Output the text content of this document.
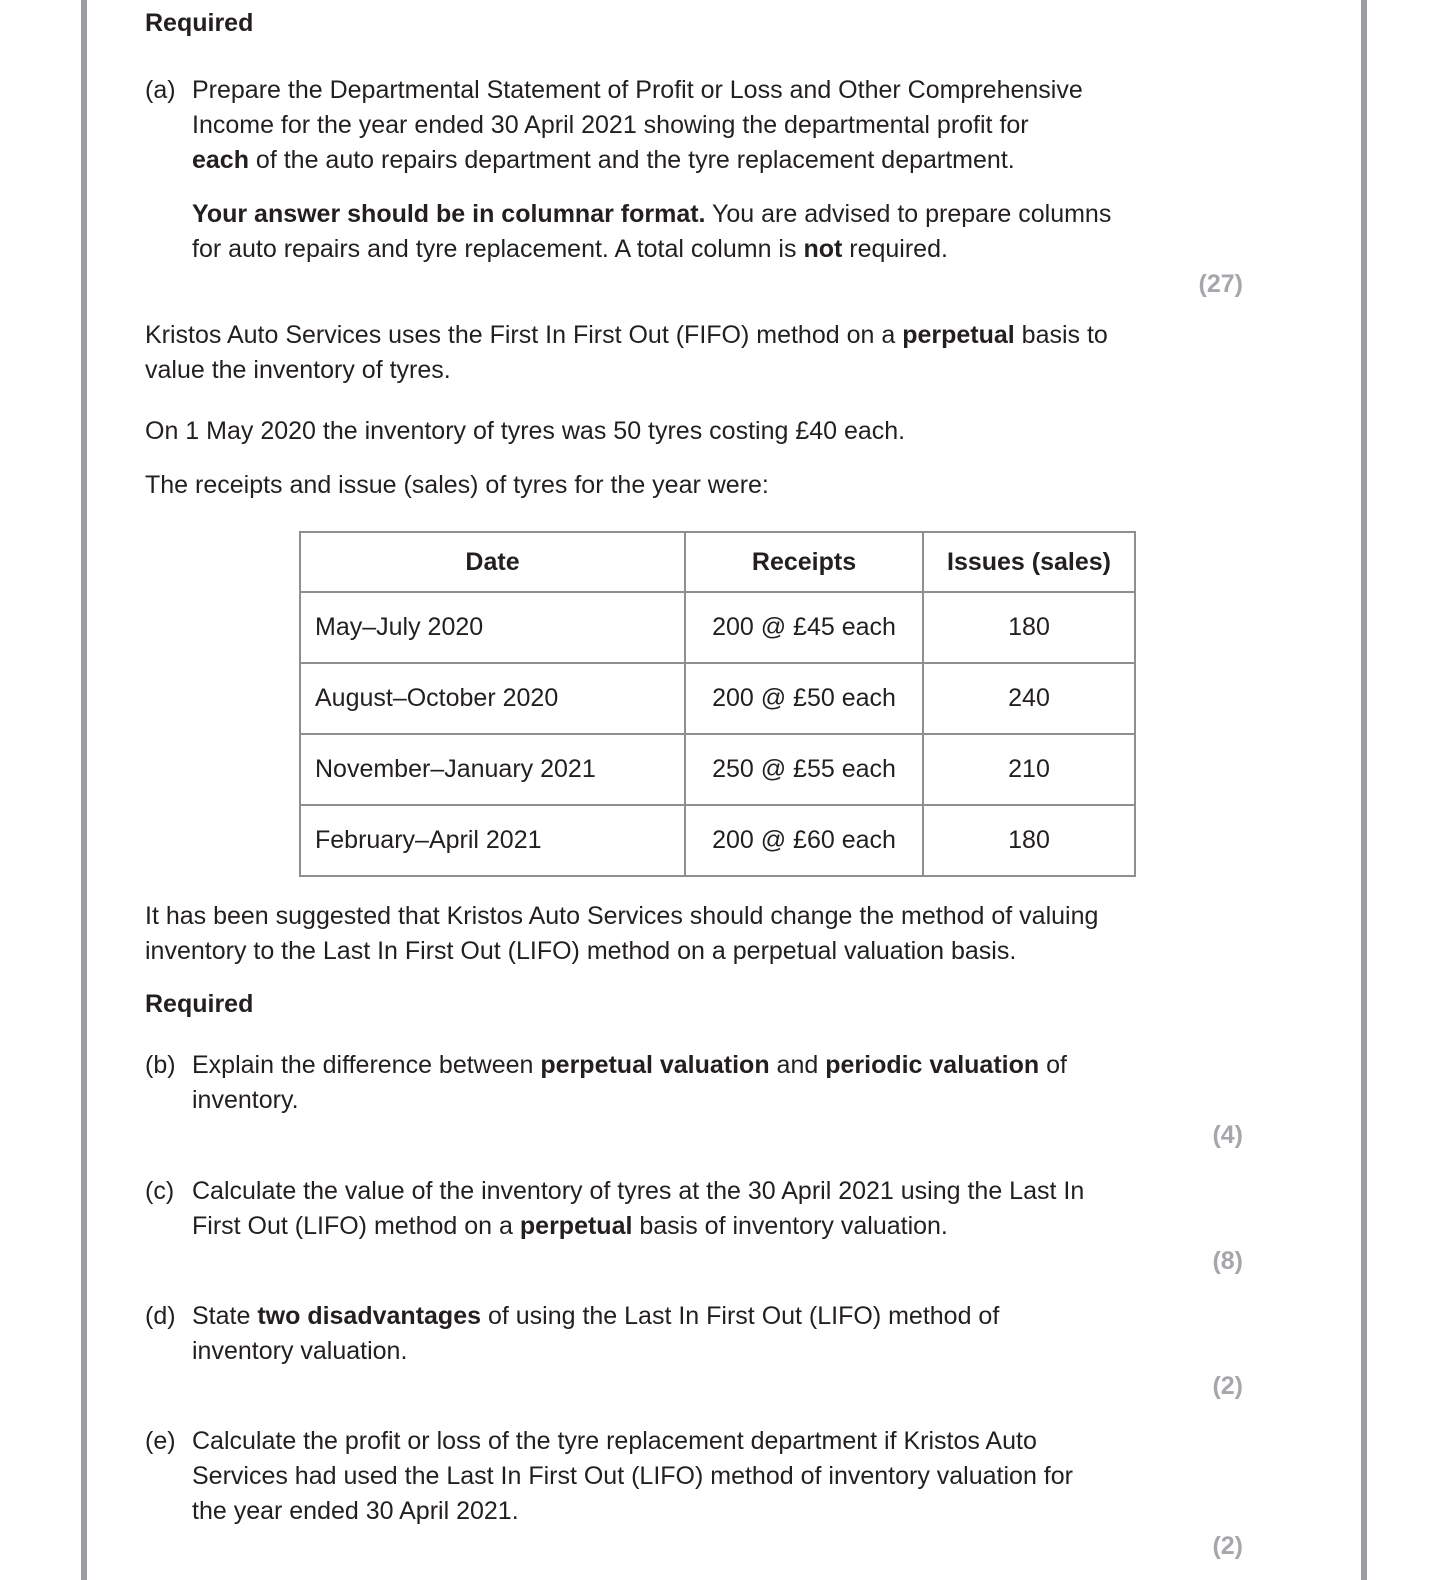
Required
(a) Prepare the Departmental Statement of Profit or Loss and Other Comprehensive
Income for the year ended 30 April 2021 showing the departmental profit for
each of the auto repairs department and the tyre replacement department.

Your answer should be in columnar format. You are advised to prepare columns
for auto repairs and tyre replacement. A total column is not required.

(27)

Kristos Auto Services uses the First In First Out (FIFO) method on a perpetual basis to
value the inventory of tyres.

On 1 May 2020 the inventory of tyres was 50 tyres costing £40 each.

The receipts and issue (sales) of tyres for the year were:

Date	Receipts	Issues (sales)
May–July 2020	200 @ £45 each	180
August–October 2020	200 @ £50 each	240
November–January 2021	250 @ £55 each	210
February–April 2021	200 @ £60 each	180

It has been suggested that Kristos Auto Services should change the method of valuing
inventory to the Last In First Out (LIFO) method on a perpetual valuation basis.

Required
(b) Explain the difference between perpetual valuation and periodic valuation of
inventory.

(4)
(c) Calculate the value of the inventory of tyres at the 30 April 2021 using the Last In
First Out (LIFO) method on a perpetual basis of inventory valuation.

(8)
(d) State two disadvantages of using the Last In First Out (LIFO) method of
inventory valuation.

(2)
(e) Calculate the profit or loss of the tyre replacement department if Kristos Auto
Services had used the Last In First Out (LIFO) method of inventory valuation for
the year ended 30 April 2021.

(2)
